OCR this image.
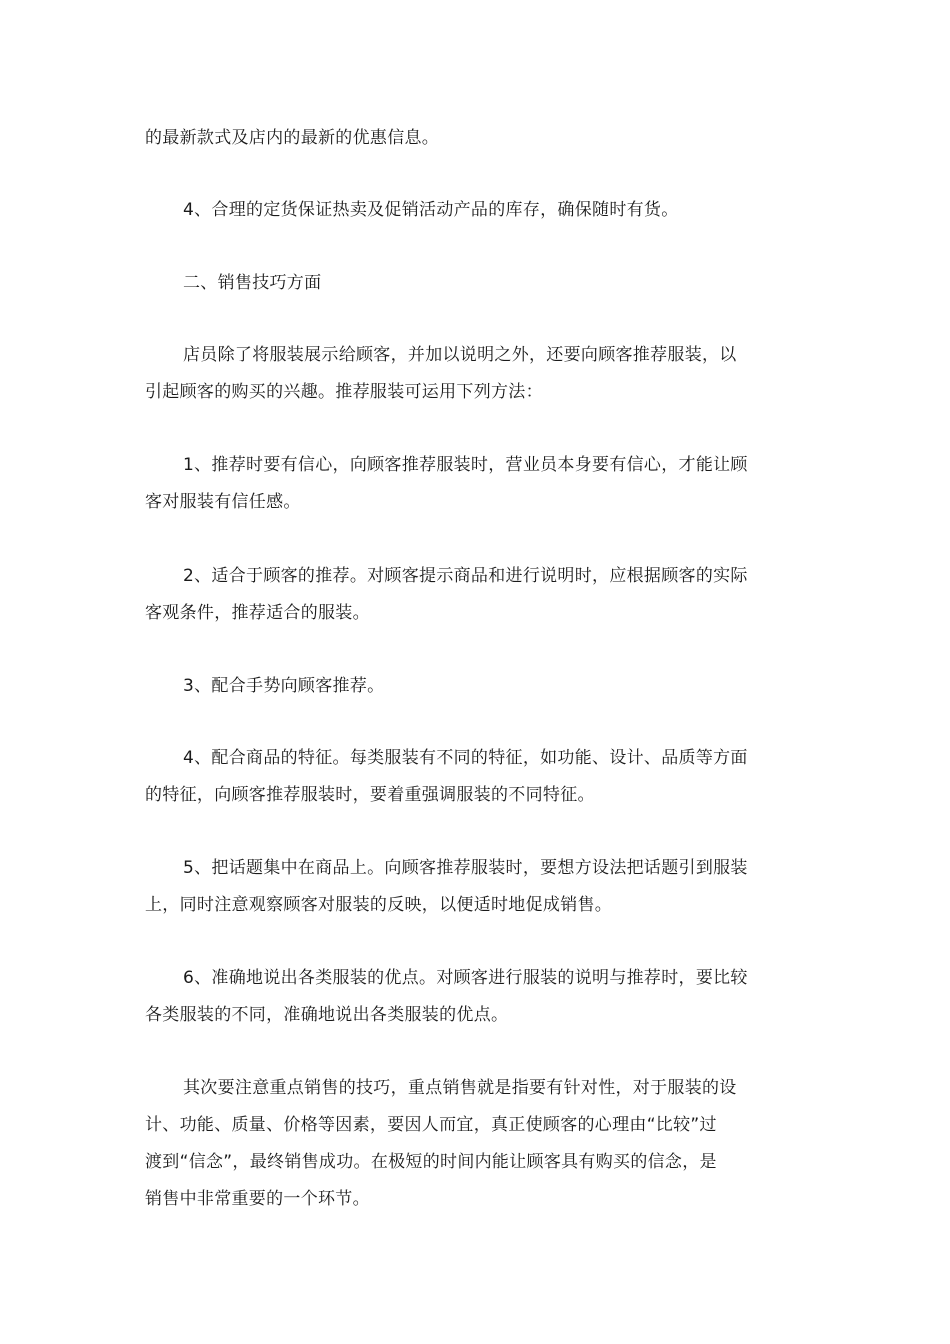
的最新款式及店内的最新的优惠信息。

4、合理的定货保证热卖及促销活动产品的库存，确保随时有货。

二、销售技巧方面

店员除了将服装展示给顾客，并加以说明之外，还要向顾客推荐服装，以
引起顾客的购买的兴趣。推荐服装可运用下列方法：

1、推荐时要有信心，向顾客推荐服装时，营业员本身要有信心，才能让顾
客对服装有信任感。

2、适合于顾客的推荐。对顾客提示商品和进行说明时，应根据顾客的实际
客观条件，推荐适合的服装。

3、配合手势向顾客推荐。

4、配合商品的特征。每类服装有不同的特征，如功能、设计、品质等方面
的特征，向顾客推荐服装时，要着重强调服装的不同特征。

5、把话题集中在商品上。向顾客推荐服装时，要想方设法把话题引到服装
上，同时注意观察顾客对服装的反映，以便适时地促成销售。

6、准确地说出各类服装的优点。对顾客进行服装的说明与推荐时，要比较
各类服装的不同，准确地说出各类服装的优点。

其次要注意重点销售的技巧，重点销售就是指要有针对性，对于服装的设
计、功能、质量、价格等因素，要因人而宜，真正使顾客的心理由“比较”过
渡到“信念”，最终销售成功。在极短的时间内能让顾客具有购买的信念，是
销售中非常重要的一个环节。
